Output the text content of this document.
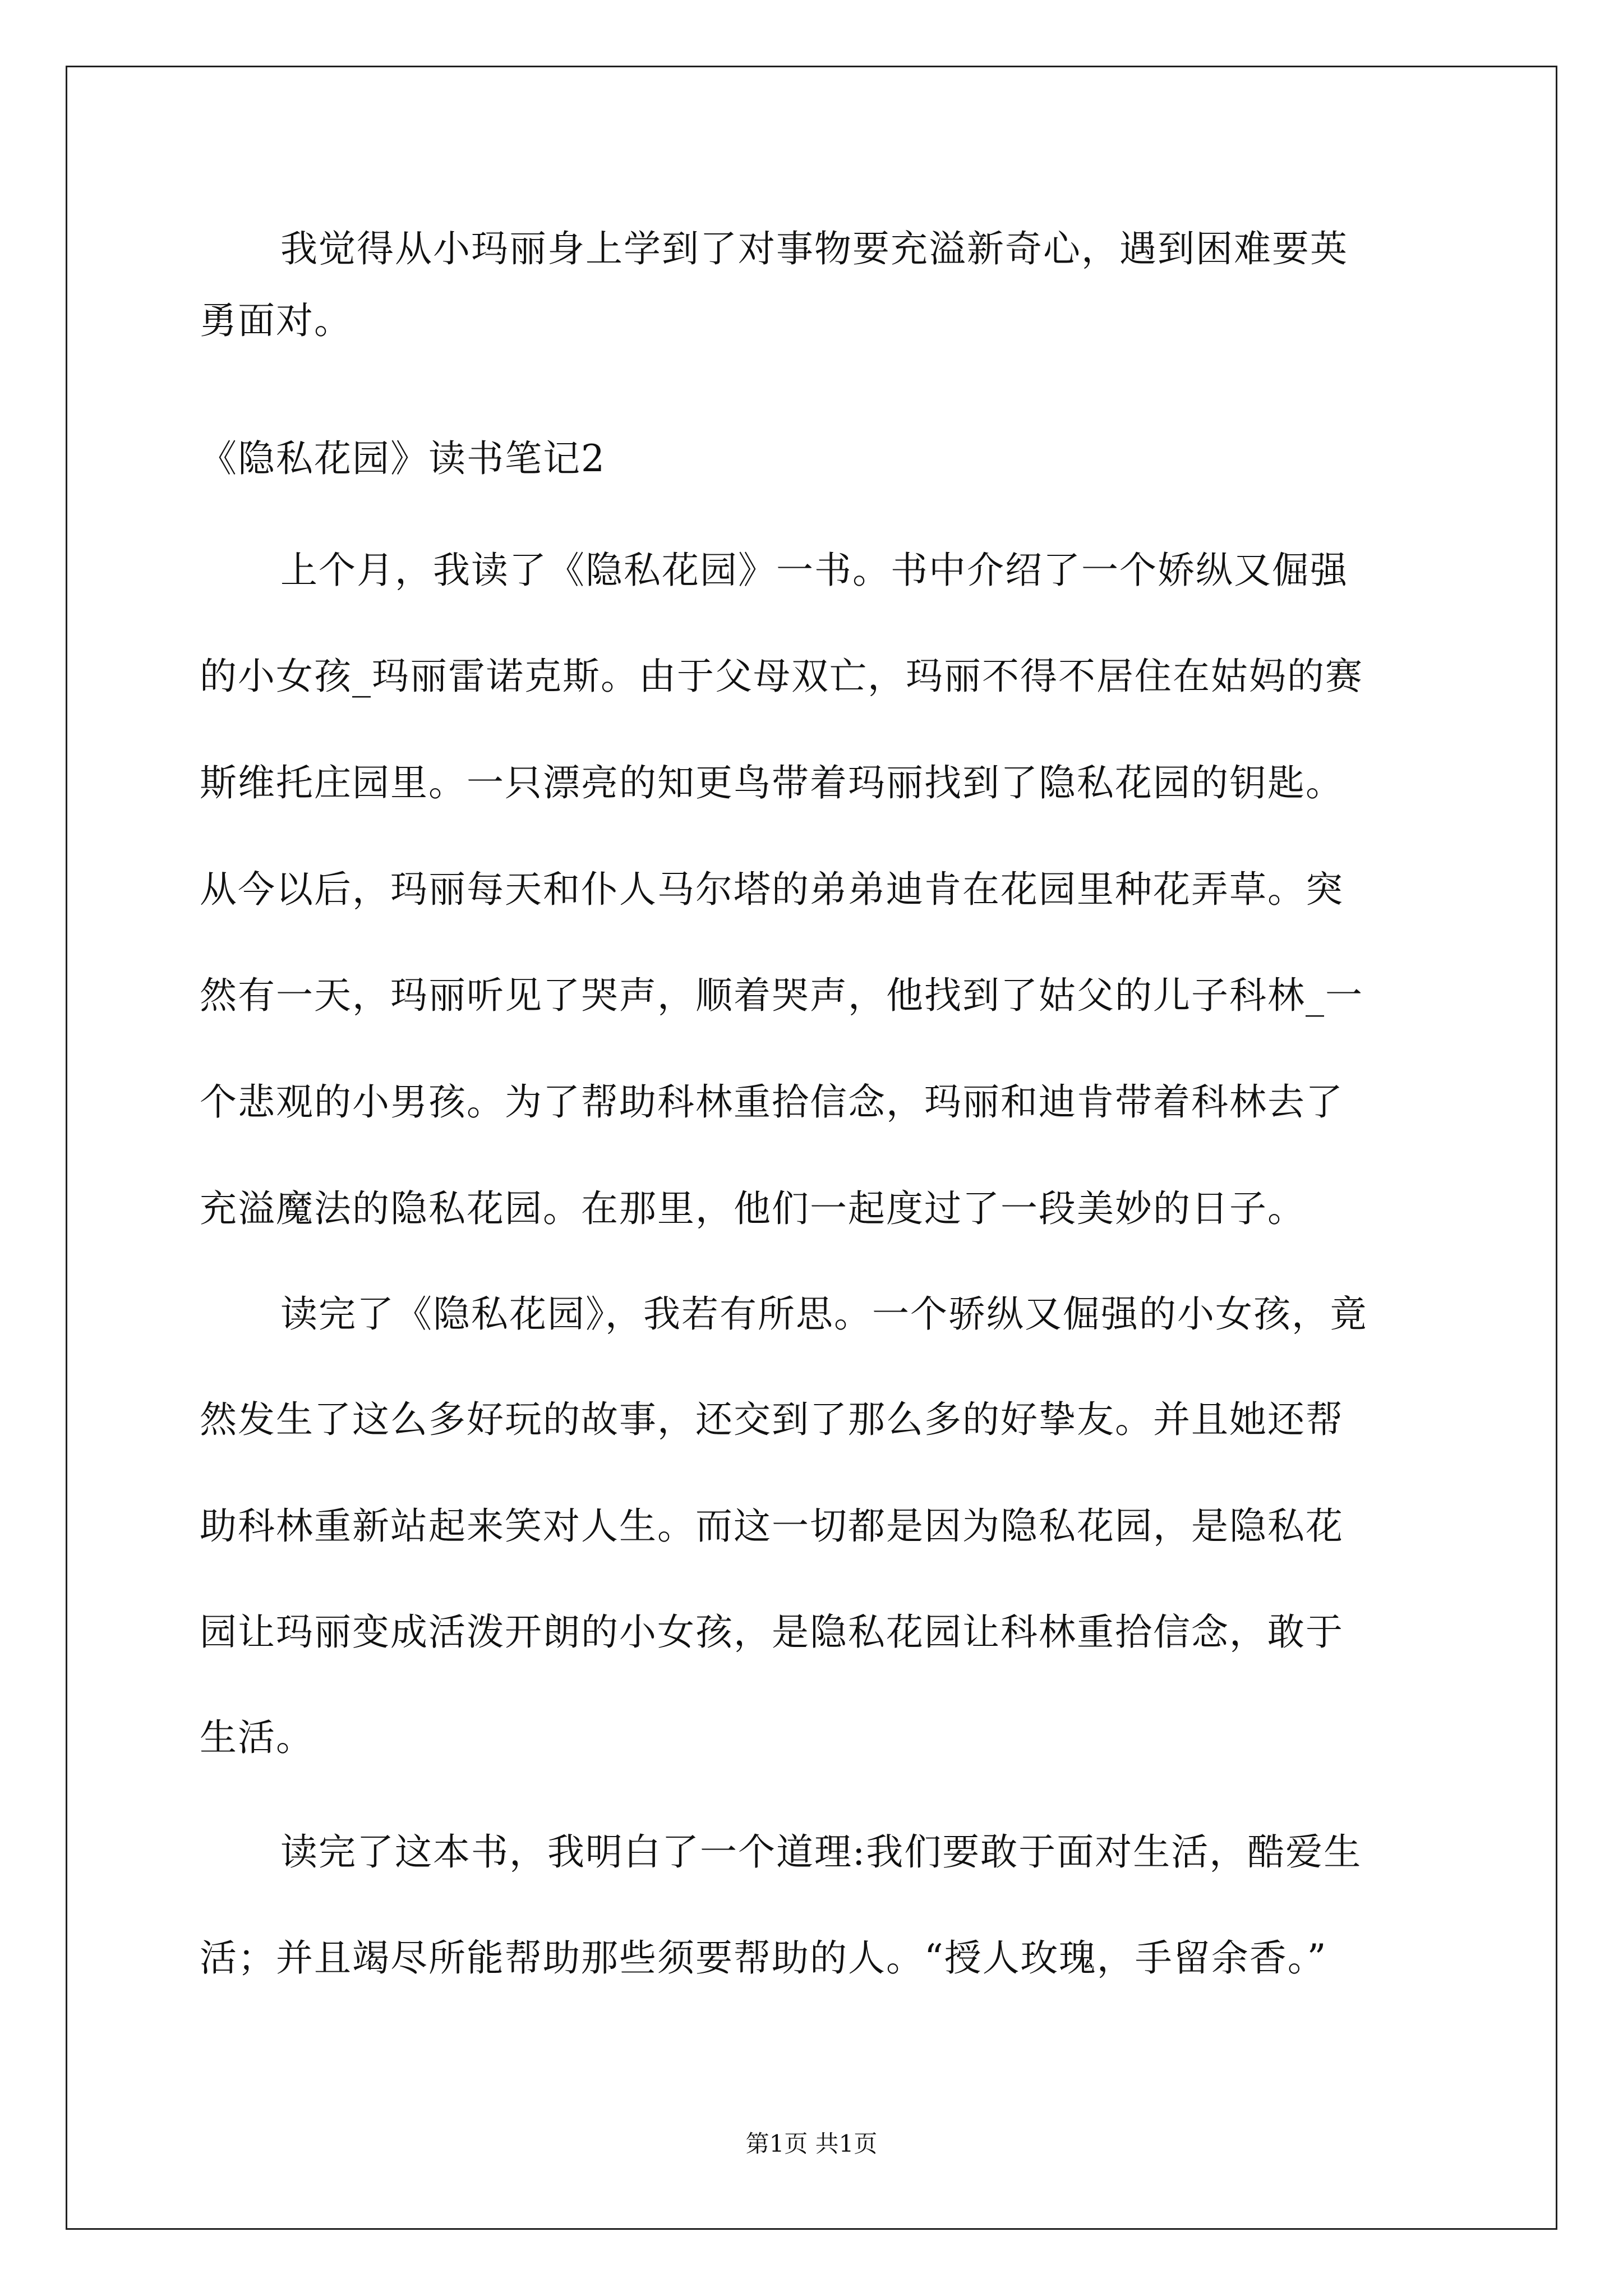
我觉得从小玛丽身上学到了对事物要充溢新奇心，遇到困难要英
勇面对。
《隐私花园》读书笔记2
上个月，我读了《隐私花园》一书。书中介绍了一个娇纵又倔强
的小女孩_玛丽雷诺克斯。由于父母双亡，玛丽不得不居住在姑妈的赛
斯维托庄园里。一只漂亮的知更鸟带着玛丽找到了隐私花园的钥匙。
从今以后，玛丽每天和仆人马尔塔的弟弟迪肯在花园里种花弄草。突
然有一天，玛丽听见了哭声，顺着哭声，他找到了姑父的儿子科林_一
个悲观的小男孩。为了帮助科林重拾信念，玛丽和迪肯带着科林去了
充溢魔法的隐私花园。在那里，他们一起度过了一段美妙的日子。
读完了《隐私花园》，我若有所思。一个骄纵又倔强的小女孩，竟
然发生了这么多好玩的故事，还交到了那么多的好挚友。并且她还帮
助科林重新站起来笑对人生。而这一切都是因为隐私花园，是隐私花
园让玛丽变成活泼开朗的小女孩，是隐私花园让科林重拾信念，敢于
生活。
读完了这本书，我明白了一个道理:我们要敢于面对生活，酷爱生
活；并且竭尽所能帮助那些须要帮助的人。“授人玫瑰，手留余香。”
第1页 共1页
